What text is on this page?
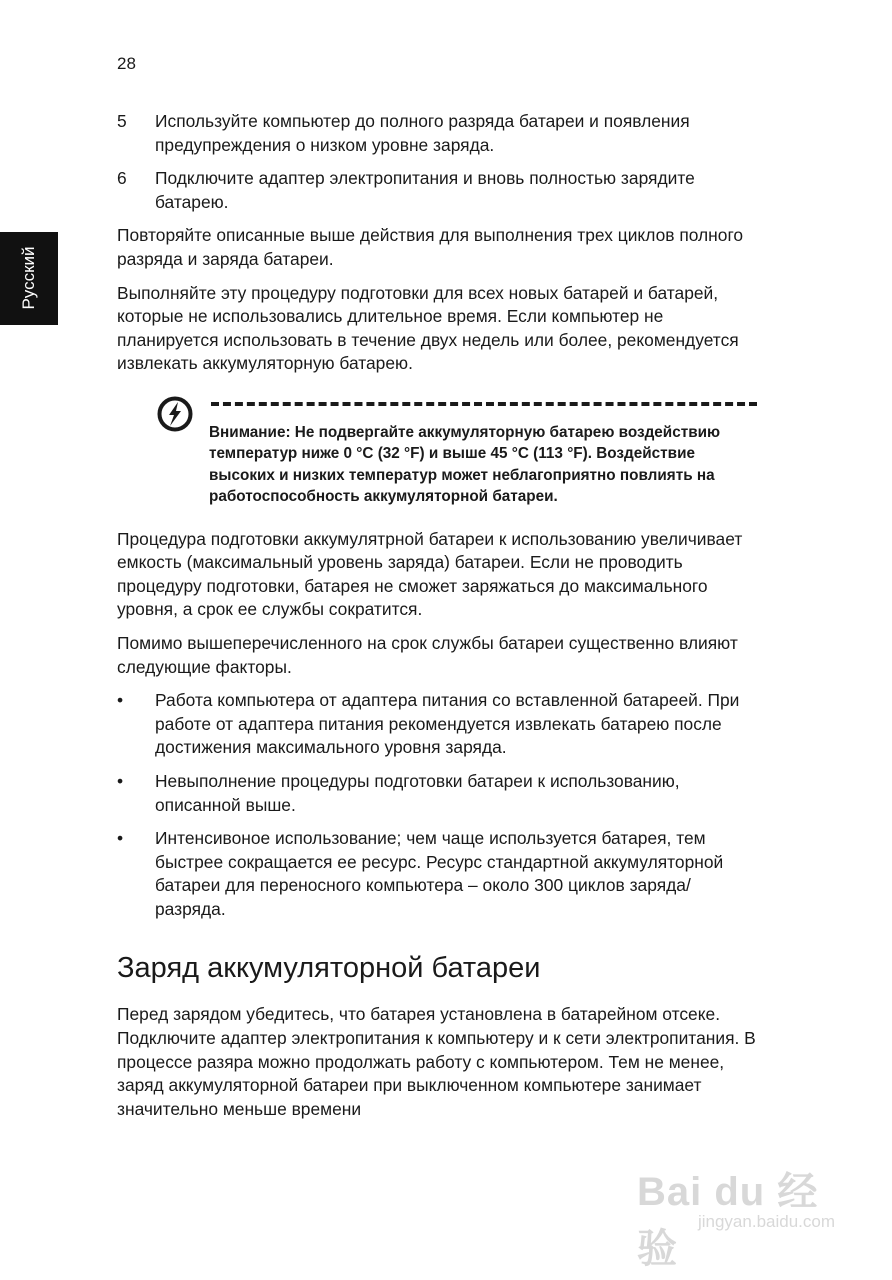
28
Русский
5 Используйте компьютер до полного разряда батареи и появления предупреждения о низком уровне заряда.
6 Подключите адаптер электропитания и вновь полностью зарядите батарею.

Повторяйте описанные выше действия для выполнения трех циклов полного разряда и заряда батареи.

Выполняйте эту процедуру подготовки для всех новых батарей и батарей, которые не использовались длительное время. Если компьютер не планируется использовать в течение двух недель или более, рекомендуется извлекать аккумуляторную батарею.

Внимание: Не подвергайте аккумуляторную батарею воздействию температур ниже 0 °C (32 °F) и выше 45 °C (113 °F). Воздействие высоких и низких температур может неблагоприятно повлиять на работоспособность аккумуляторной батареи.

Процедура подготовки аккумулятрной батареи к использованию увеличивает емкость (максимальный уровень заряда) батареи. Если не проводить процедуру подготовки, батарея не сможет заряжаться до максимального уровня, а срок ее службы сократится.

Помимо вышеперечисленного на срок службы батареи существенно влияют следующие факторы.

• Работа компьютера от адаптера питания со вставленной батареей. При работе от адаптера питания рекомендуется извлекать батарею после достижения максимального уровня заряда.
• Невыполнение процедуры подготовки батареи к использованию, описанной выше.
• Интенсивоное использование; чем чаще используется батарея, тем быстрее сокращается ее ресурс. Ресурс стандартной аккумуляторной батареи для переносного компьютера – около 300 циклов заряда/разряда.
Заряд аккумуляторной батареи

Перед зарядом убедитесь, что батарея установлена в батарейном отсеке. Подключите адаптер электропитания к компьютеру и к сети электропитания. В процессе разяра можно продолжать работу с компьютером. Тем не менее, заряд аккумуляторной батареи при выключенном компьютере занимает значительно меньше времени

Bai du 经验
jingyan.baidu.com
